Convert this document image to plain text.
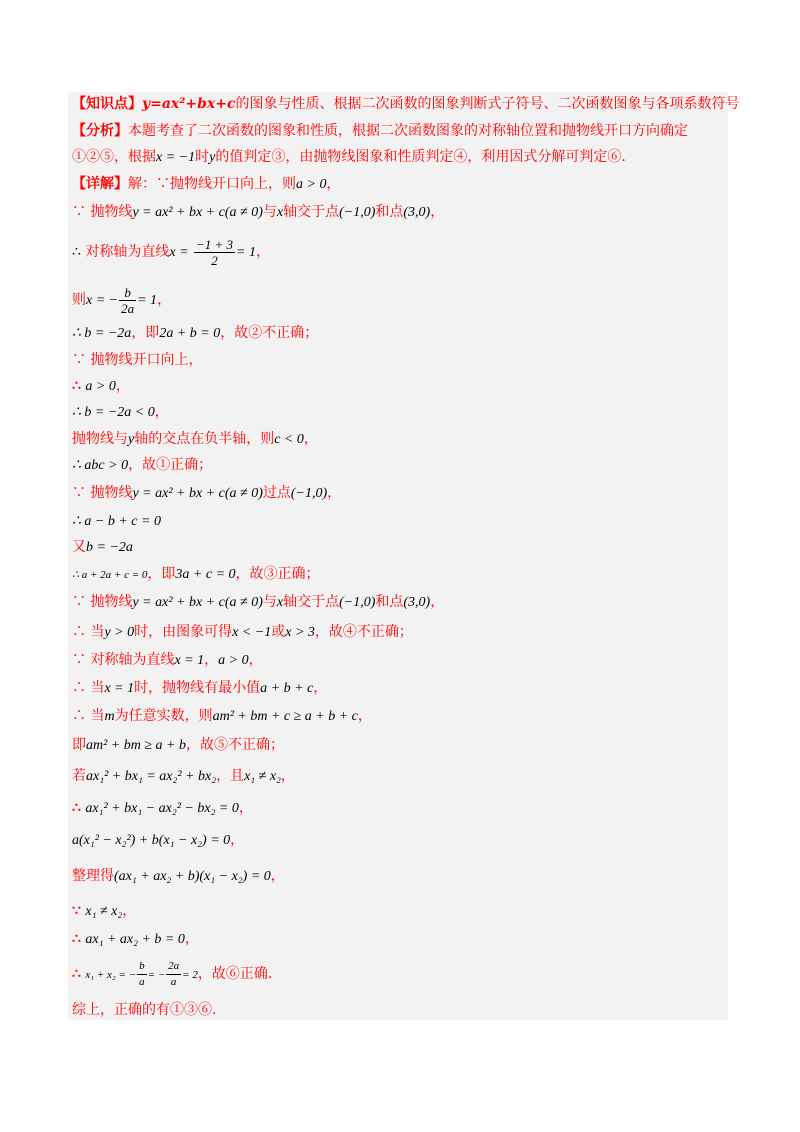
【知识点】y=ax²+bx+c的图象与性质、根据二次函数的图象判断式子符号、二次函数图象与各项系数符号
【分析】本题考查了二次函数的图象和性质，根据二次函数图象的对称轴位置和抛物线开口方向确定
①②⑤，根据x = −1时y的值判定③，由抛物线图象和性质判定④，利用因式分解可判定⑥.
【详解】解：∵抛物线开口向上，则a > 0，
∵ 抛物线y = ax² + bx + c(a ≠ 0)与x轴交于点(−1,0)和点(3,0)，
∴ 对称轴为直线$x = \frac{-1 + 3}{2} = 1$，
则x = − $\frac{b}{2a} = 1$，
∴ b = −2a，即2a + b = 0，故②不正确；
∵ 抛物线开口向上，
∴ a > 0，
∴ b = −2a < 0，
抛物线与y轴的交点在负半轴，则c < 0，
∴ abc > 0，故①正确；
∵ 抛物线y = ax² + bx + c(a ≠ 0)过点(−1,0)，
∴ a − b + c = 0
又b = −2a
∴ a + 2a + c = 0，即3a + c = 0，故③正确；
∵ 抛物线y = ax² + bx + c(a ≠ 0)与x轴交于点(−1,0)和点(3,0)，
∴ 当y > 0时，由图象可得x < −1或x > 3，故④不正确；
∵ 对称轴为直线x = 1，a > 0，
∴ 当x = 1时，抛物线有最小值a + b + c，
∴ 当m为任意实数，则am² + bm + c ≥ a + b + c，
即am² + bm ≥ a + b，故⑤不正确；
若ax₁² + bx₁ = ax₂² + bx₂，且x₁ ≠ x₂，
∴ ax₁² + bx₁ − ax₂² − bx₂ = 0，
a(x₁² − x₂²) + b(x₁ − x₂) = 0，
整理得(ax₁ + ax₂ + b)(x₁ − x₂) = 0，
∵ x₁ ≠ x₂，
∴ ax₁ + ax₂ + b = 0，
∴ x₁ + x₂ = − $\frac{b}{a}$ = − $\frac{2a}{a} = 2$，故⑥正确.
综上，正确的有①③⑥.
